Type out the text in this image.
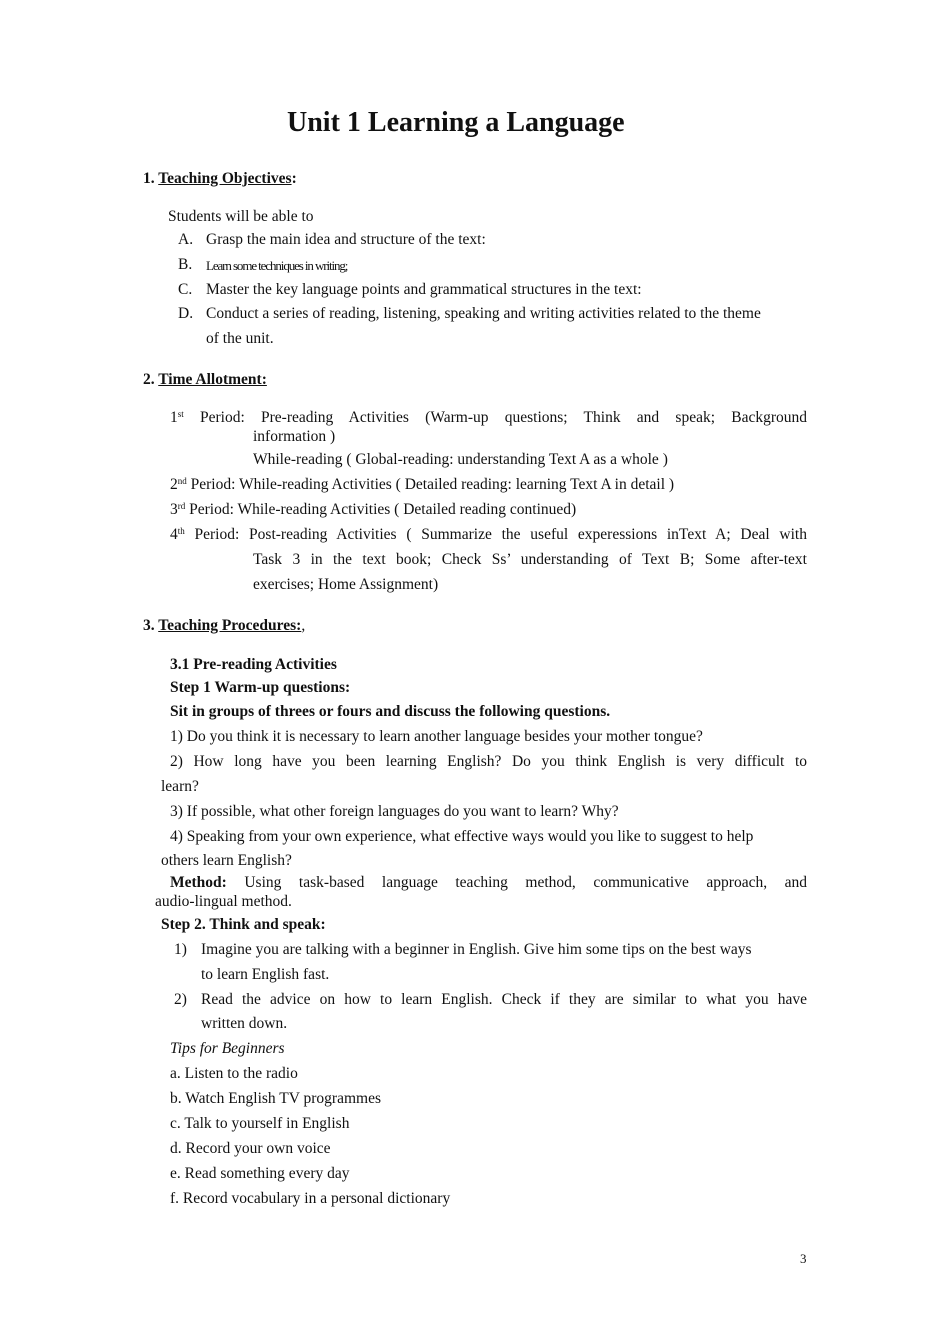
Unit 1 Learning a Language
1. Teaching Objectives:
Students will be able to
A. Grasp the main idea and structure of the text:
B. Learn some techniques in writing;
C. Master the key language points and grammatical structures in the text:
D. Conduct a series of reading, listening, speaking and writing activities related to the theme
of the unit.
2. Time Allotment:
1st Period: Pre-reading Activities (Warm-up questions; Think and speak; Background
information )
While-reading ( Global-reading: understanding Text A as a whole )
2nd Period: While-reading Activities ( Detailed reading: learning Text A in detail )
3rd Period: While-reading Activities ( Detailed reading continued)
4th Period: Post-reading Activities ( Summarize the useful experessions inText A; Deal with
Task 3 in the text book; Check Ss’ understanding of Text B; Some after-text
exercises; Home Assignment)
3. Teaching Procedures:,
3.1 Pre-reading Activities
Step 1 Warm-up questions:
Sit in groups of threes or fours and discuss the following questions.
1) Do you think it is necessary to learn another language besides your mother tongue?
2) How long have you been learning English? Do you think English is very difficult to
learn?
3) If possible, what other foreign languages do you want to learn? Why?
4) Speaking from your own experience, what effective ways would you like to suggest to help
others learn English?
Method: Using task-based language teaching method, communicative approach, and
audio-lingual method.
Step 2. Think and speak:
1) Imagine you are talking with a beginner in English. Give him some tips on the best ways
to learn English fast.
2) Read the advice on how to learn English. Check if they are similar to what you have
written down.
Tips for Beginners
a. Listen to the radio
b. Watch English TV programmes
c. Talk to yourself in English
d. Record your own voice
e. Read something every day
f. Record vocabulary in a personal dictionary
3
